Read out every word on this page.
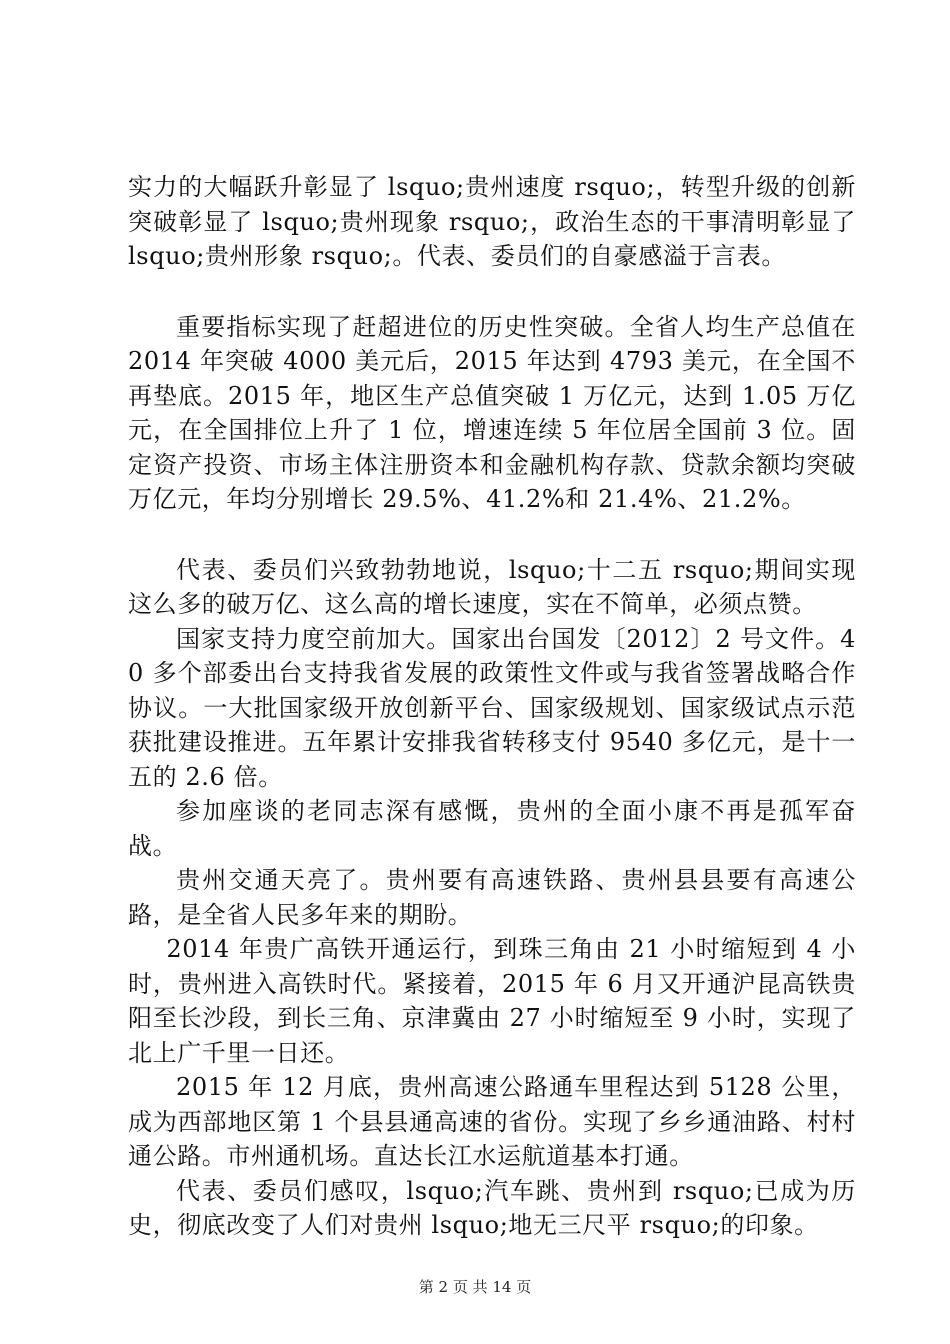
实力的大幅跃升彰显了 lsquo;贵州速度 rsquo;，转型升级的创新突破彰显了 lsquo;贵州现象 rsquo;，政治生态的干事清明彰显了 lsquo;贵州形象 rsquo;。代表、委员们的自豪感溢于言表。

重要指标实现了赶超进位的历史性突破。全省人均生产总值在 2014 年突破 4000 美元后，2015 年达到 4793 美元，在全国不再垫底。2015 年，地区生产总值突破 1 万亿元，达到 1.05 万亿元，在全国排位上升了 1 位，增速连续 5 年位居全国前 3 位。固定资产投资、市场主体注册资本和金融机构存款、贷款余额均突破万亿元，年均分别增长 29.5%、41.2%和 21.4%、21.2%。

代表、委员们兴致勃勃地说，lsquo;十二五 rsquo;期间实现这么多的破万亿、这么高的增长速度，实在不简单，必须点赞。

国家支持力度空前加大。国家出台国发〔2012〕2 号文件。40 多个部委出台支持我省发展的政策性文件或与我省签署战略合作协议。一大批国家级开放创新平台、国家级规划、国家级试点示范获批建设推进。五年累计安排我省转移支付 9540 多亿元，是十一五的 2.6 倍。

参加座谈的老同志深有感慨，贵州的全面小康不再是孤军奋战。

贵州交通天亮了。贵州要有高速铁路、贵州县县要有高速公路，是全省人民多年来的期盼。

2014 年贵广高铁开通运行，到珠三角由 21 小时缩短到 4 小时，贵州进入高铁时代。紧接着，2015 年 6 月又开通沪昆高铁贵阳至长沙段，到长三角、京津冀由 27 小时缩短至 9 小时，实现了北上广千里一日还。

2015 年 12 月底，贵州高速公路通车里程达到 5128 公里，成为西部地区第 1 个县县通高速的省份。实现了乡乡通油路、村村通公路。市州通机场。直达长江水运航道基本打通。

代表、委员们感叹，lsquo;汽车跳、贵州到 rsquo;已成为历史，彻底改变了人们对贵州 lsquo;地无三尺平 rsquo;的印象。

第 2 页 共 14 页
